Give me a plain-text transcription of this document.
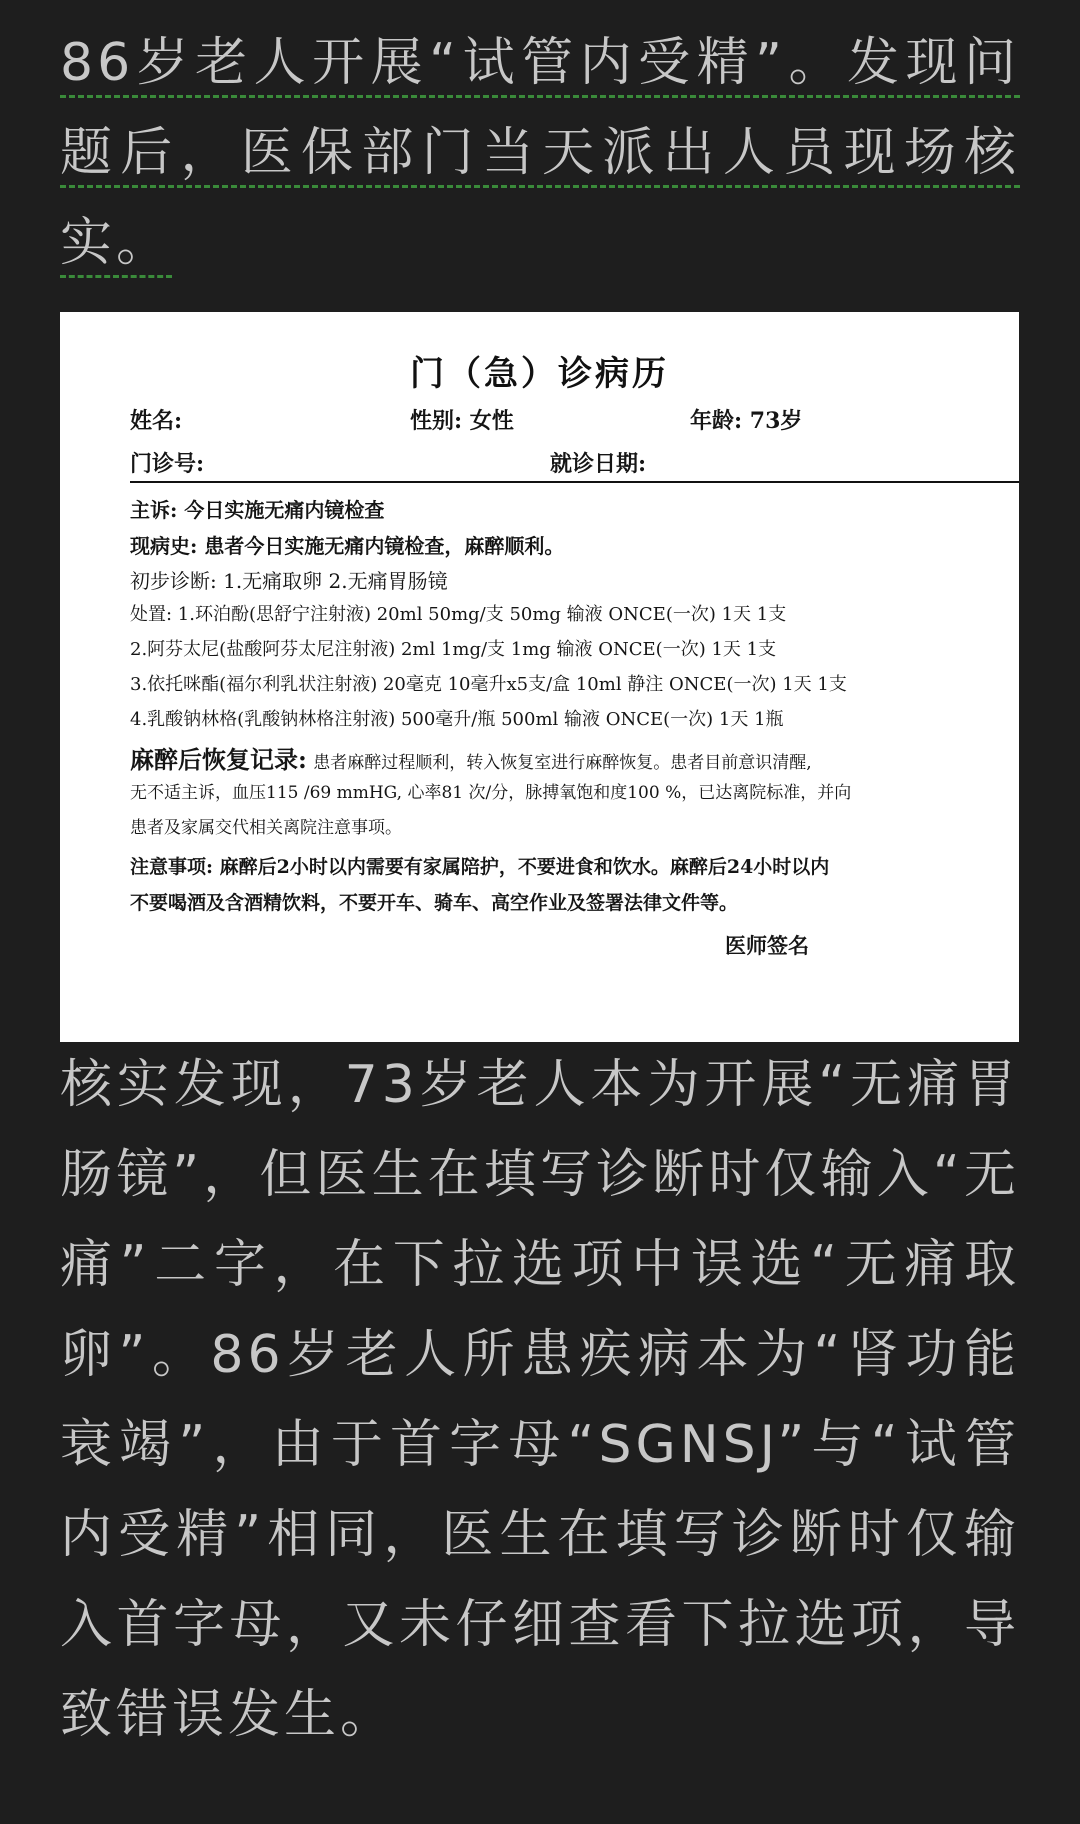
86岁老人开展“试管内受精”。发现问题后，医保部门当天派出人员现场核实。

门（急）诊病历
姓名:	性别: 女性	年龄: 73岁
门诊号:	就诊日期:
主诉: 今日实施无痛内镜检查
现病史: 患者今日实施无痛内镜检查，麻醉顺利。
初步诊断: 1.无痛取卵 2.无痛胃肠镜
处置: 1.环泊酚(思舒宁注射液) 20ml 50mg/支 50mg 输液 ONCE(一次) 1天 1支
2.阿芬太尼(盐酸阿芬太尼注射液) 2ml 1mg/支 1mg 输液 ONCE(一次) 1天 1支
3.依托咪酯(福尔利乳状注射液) 20毫克 10毫升x5支/盒 10ml 静注 ONCE(一次) 1天 1支
4.乳酸钠林格(乳酸钠林格注射液) 500毫升/瓶 500ml 输液 ONCE(一次) 1天 1瓶
麻醉后恢复记录: 患者麻醉过程顺利，转入恢复室进行麻醉恢复。患者目前意识清醒,
无不适主诉，血压115 /69 mmHG, 心率81 次/分，脉搏氧饱和度100 %，已达离院标准，并向
患者及家属交代相关离院注意事项。
注意事项: 麻醉后2小时以内需要有家属陪护，不要进食和饮水。麻醉后24小时以内
不要喝酒及含酒精饮料，不要开车、骑车、高空作业及签署法律文件等。
医师签名

核实发现，73岁老人本为开展“无痛胃肠镜”，但医生在填写诊断时仅输入“无痛”二字，在下拉选项中误选“无痛取卵”。86岁老人所患疾病本为“肾功能衰竭”，由于首字母“SGNSJ”与“试管内受精”相同，医生在填写诊断时仅输入首字母，又未仔细查看下拉选项，导致错误发生。
